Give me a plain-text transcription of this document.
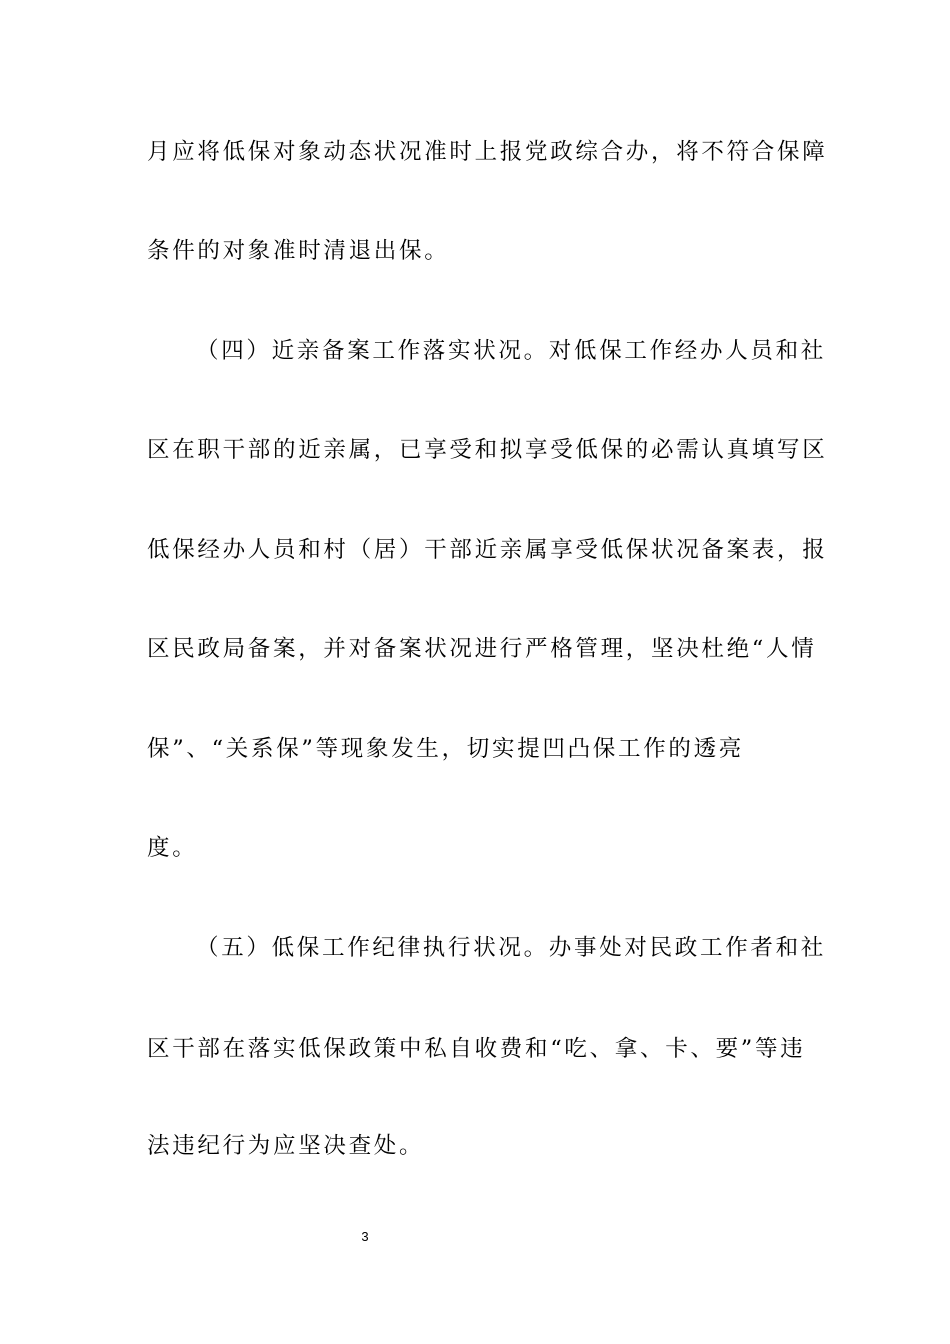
月应将低保对象动态状况准时上报党政综合办，将不符合保障
条件的对象准时清退出保。
（四）近亲备案工作落实状况。对低保工作经办人员和社
区在职干部的近亲属，已享受和拟享受低保的必需认真填写区
低保经办人员和村（居）干部近亲属享受低保状况备案表，报
区民政局备案，并对备案状况进行严格管理，坚决杜绝“人情
保”、“关系保”等现象发生，切实提凹凸保工作的透亮
度。
（五）低保工作纪律执行状况。办事处对民政工作者和社
区干部在落实低保政策中私自收费和“吃、拿、卡、要”等违
法违纪行为应坚决查处。
3
